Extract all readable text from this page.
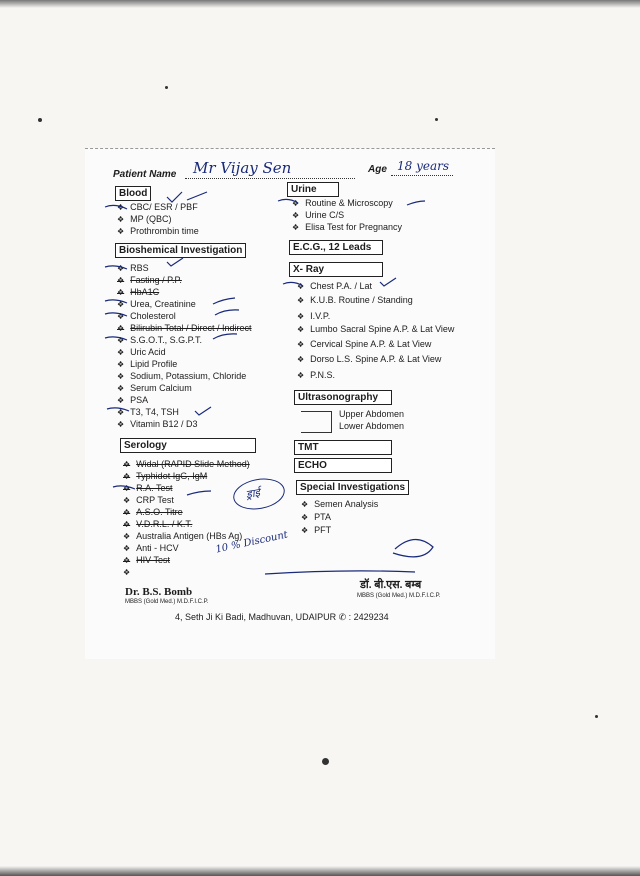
Patient Name Mr Vijay Sen	Age 18 years
Blood
❖ CBC/ ESR / PBF
❖ MP (QBC)
❖ Prothrombin time
Bioshemical Investigation
❖ RBS
❖ Fasting / P.P.
❖ HbA1C
❖ Urea, Creatinine
❖ Cholesterol
❖ Bilirubin Total / Direct / Indirect
❖ S.G.O.T., S.G.P.T.
❖ Uric Acid
❖ Lipid Profile
❖ Sodium, Potassium, Chloride
❖ Serum Calcium
❖ PSA
❖ T3, T4, TSH
❖ Vitamin B12 / D3
Serology
❖ Widal (RAPID Slide Method)
❖ Typhidot IgG, IgM
❖ R.A. Test
❖ CRP Test
❖ A.S.O. Titre
❖ V.D.R.L. / K.T.
❖ Australia Antigen (HBs Ag)
❖ Anti - HCV
❖ HIV Test
❖
Urine
❖ Routine & Microscopy
❖ Urine C/S
❖ Elisa Test for Pregnancy
E.C.G., 12 Leads
X- Ray
❖ Chest P.A. / Lat
❖ K.U.B. Routine / Standing
❖ I.V.P.
❖ Lumbo Sacral Spine A.P. & Lat View
❖ Cervical Spine A.P. & Lat View
❖ Dorso L.S. Spine A.P. & Lat View
❖ P.N.S.
Ultrasonography
Upper Abdomen
Lower Abdomen
TMT
ECHO
Special Investigations
❖ Semen Analysis
❖ PTA
❖ PFT
10 % Discount
ड्राई
Dr. B.S. Bomb
MBBS (Gold Med.) M.D.F.I.C.P.
डॉ. बी.एस. बम्ब
MBBS (Gold Med.) M.D.F.I.C.P.
4, Seth Ji Ki Badi, Madhuvan, UDAIPUR ✆ : 2429234
